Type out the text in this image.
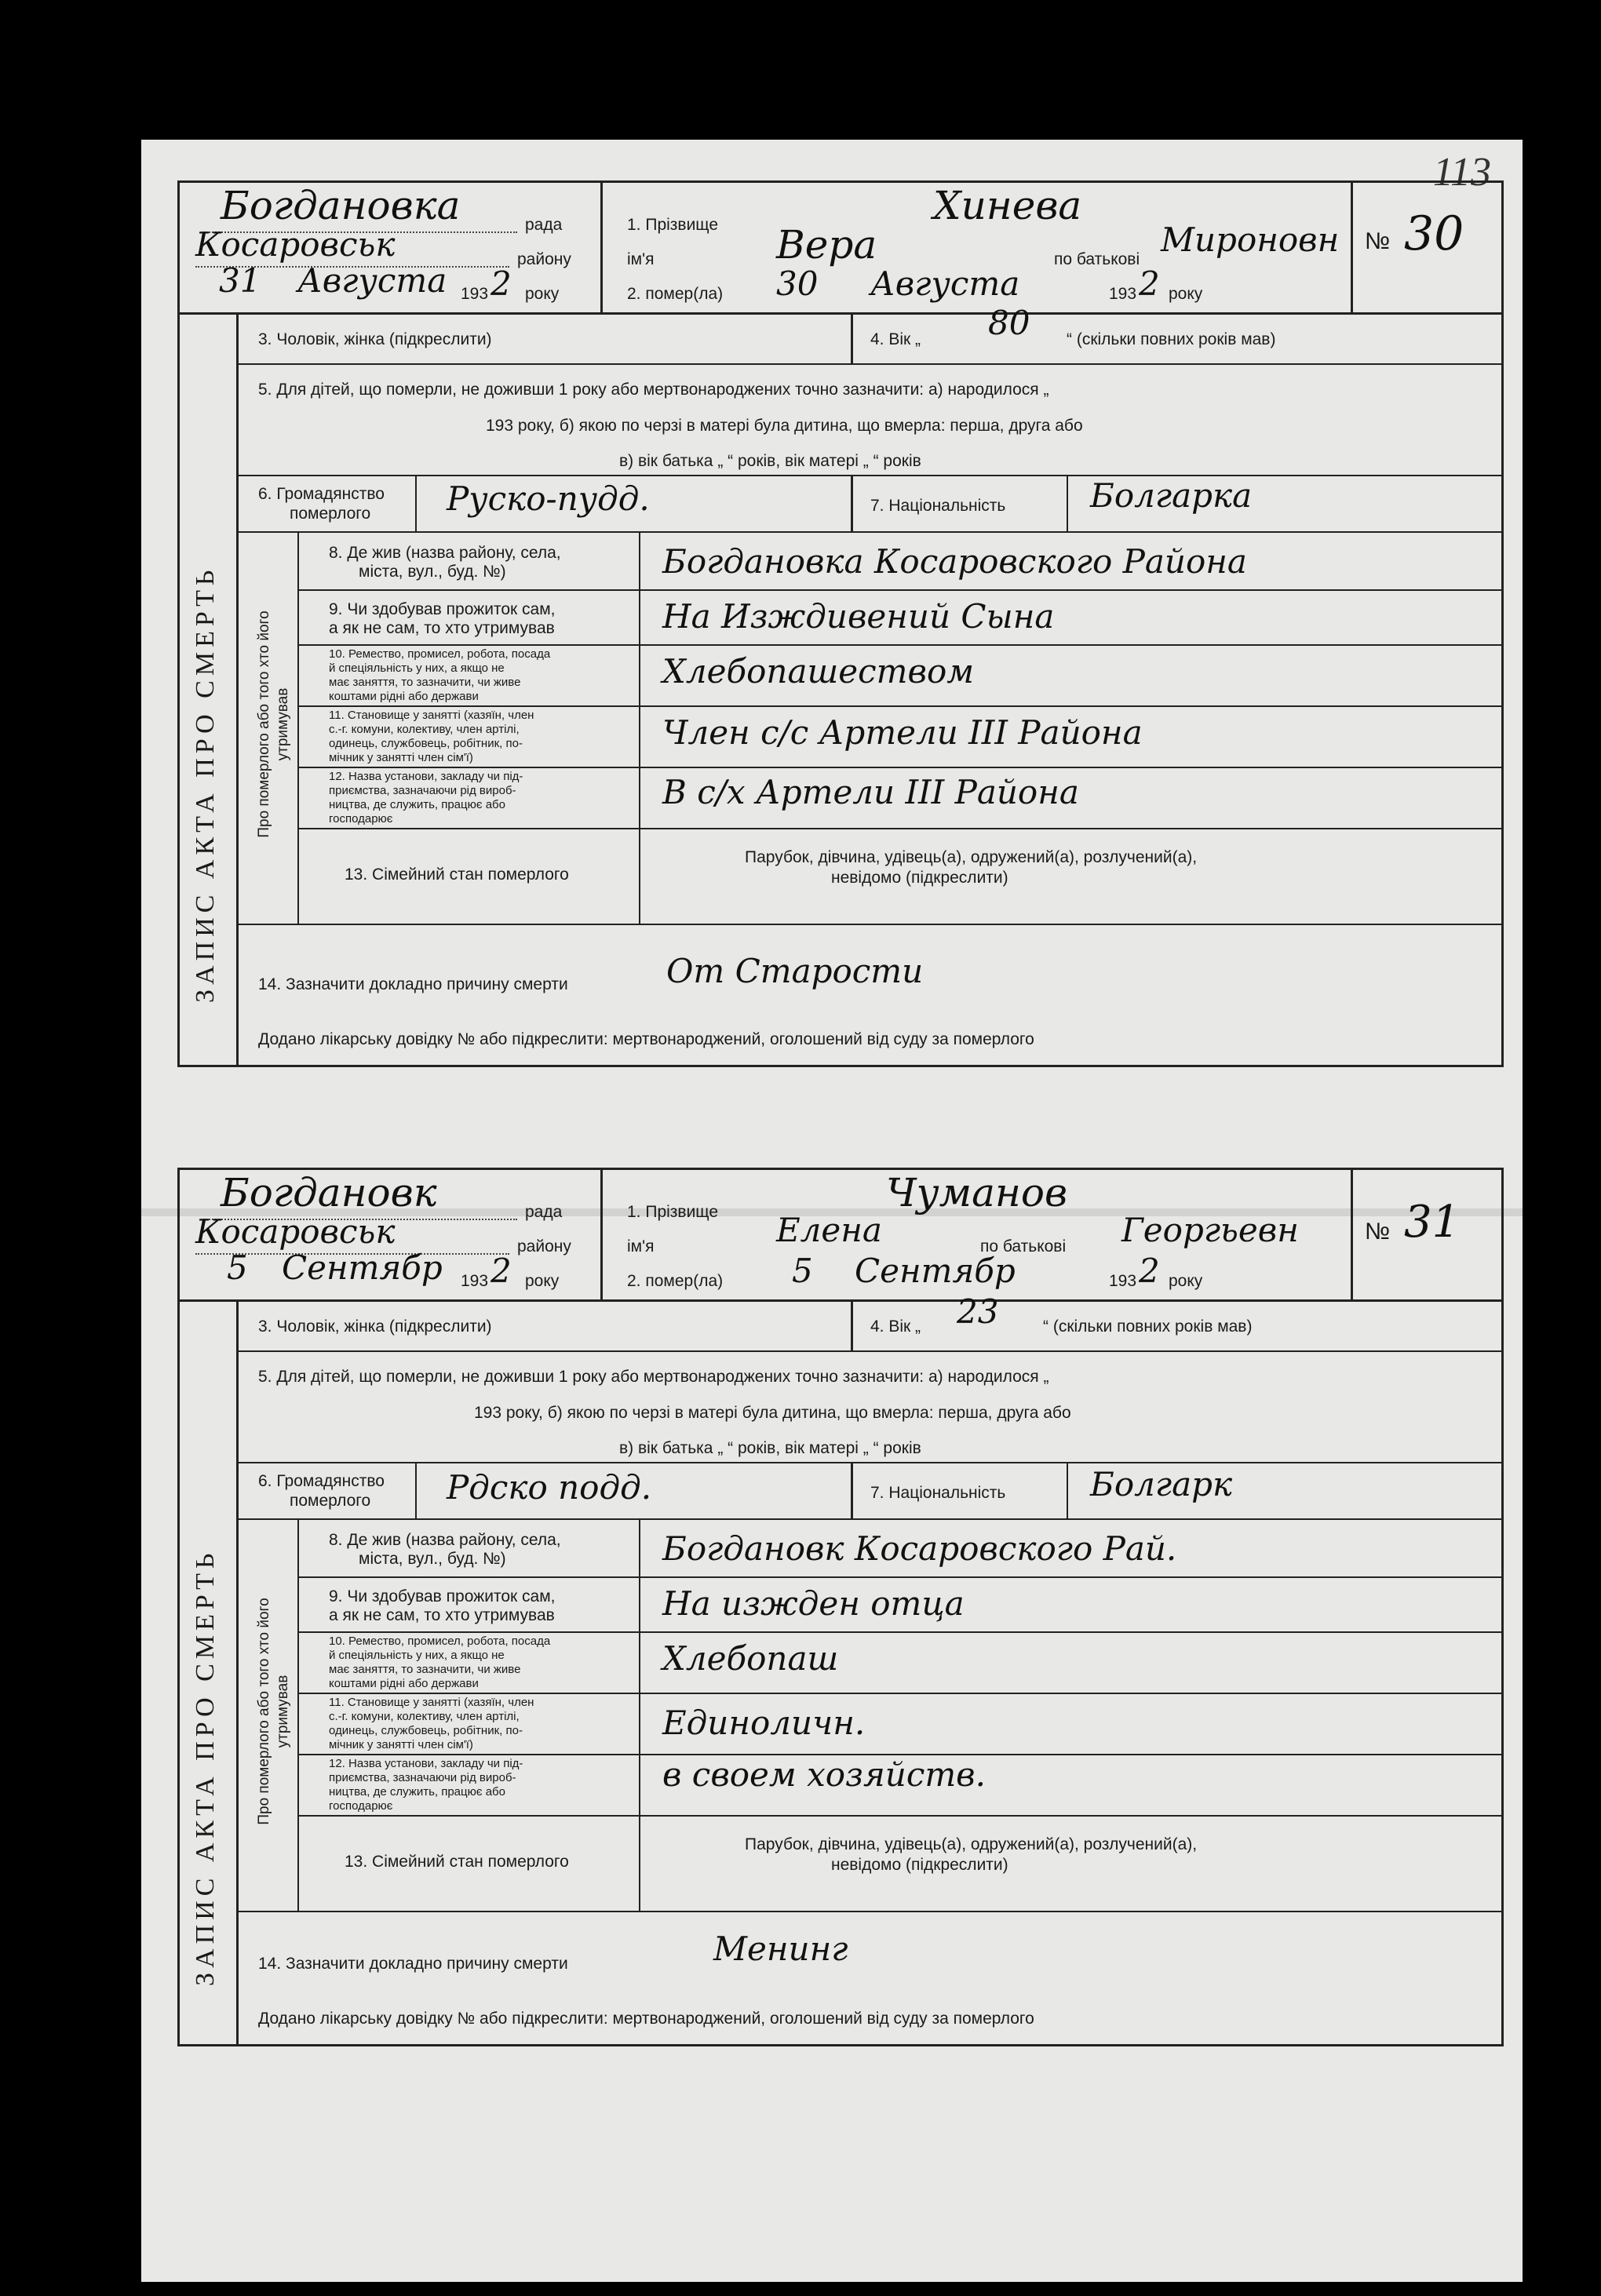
113
Богдановка	рада
Косаровськ	району
31 Августа 193 2 року
1. Прізвище	Хинева
ім'я	Вера	по батькові
Мироновн
2. помер(ла) 30 Августа	193 2 року
№ 30
ЗАПИС АКТА ПРО СМЕРТЬ
3. Чоловік, жінка (підкреслити)	4. Вік „ 80 “ (скільки повних років мав)
5. Для дітей, що померли, не доживши 1 року або мертвонароджених точно зазначити: а) народилося „
193 року, б) якою по черзі в матері була дитина, що вмерла: перша, друга або
в) вік батька „ “ років, вік матері „ “ років
6. Громадянство
померлого Руско-пудд.	7. Національність	Болгарка
Про померлого або того хто його утримував
8. Де жив (назва району, села,
міста, вул., буд. №)	Богдановка Косаровского Района
9. Чи здобував прожиток сам,
а як не сам, то хто утримував	На Изждивений Сына
10. Ремество, промисел, робота, посада
й спеціяльність у них, а якщо не
має заняття, то зазначити, чи живе
коштами рідні або держави
Хлебопашеством
11. Становище у занятті (хазяїн, член
с.-г. комуни, колективу, член артілі,
одинець, службовець, робітник, по-
мічник у занятті член сім'ї)
Член с/с Артели III Района
12. Назва установи, закладу чи під-
приємства, зазначаючи рід вироб-
ництва, де служить, працює або
господарює
В с/х Артели III Района
13. Сімейний стан померлого
Парубок, дівчина, удівець(а), одружений(а), розлучений(а),
невідомо (підкреслити)
14. Зазначити докладно причину смерти	От Старости
Додано лікарську довідку № або підкреслити: мертвонароджений, оголошений від суду за померлого
Богдановк	рада
Косаровськ	району
5 Сентябр 193 2 року
1. Прізвище	Чуманов
ім'я	Елена	по батькові Георгьевн
2. помер(ла) 5 Сентябр	193 2 року
№ 31
ЗАПИС АКТА ПРО СМЕРТЬ
3. Чоловік, жінка (підкреслити)	4. Вік „ 23	“ (скільки повних років мав)
5. Для дітей, що померли, не доживши 1 року або мертвонароджених точно зазначити: а) народилося „
193 року, б) якою по черзі в матері була дитина, що вмерла: перша, друга або
в) вік батька „ “ років, вік матері „ “ років
6. Громадянство
померлого Рдско подд.	7. Національність	Болгарк
Про померлого або того хто його утримував
8. Де жив (назва району, села,
міста, вул., буд. №)	Богдановк Косаровского Рай.
9. Чи здобував прожиток сам,
а як не сам, то хто утримував	На изжден отца
10. Ремество, промисел, робота, посада
й спеціяльність у них, а якщо не
має заняття, то зазначити, чи живе
коштами рідні або держави
Хлебопаш
11. Становище у занятті (хазяїн, член
с.-г. комуни, колективу, член артілі,
одинець, службовець, робітник, по-
мічник у занятті член сім'ї)
Единоличн.
12. Назва установи, закладу чи під-
приємства, зазначаючи рід вироб-
ництва, де служить, працює або
господарює
в своем хозяйств.
13. Сімейний стан померлого
Парубок, дівчина, удівець(а), одружений(а), розлучений(а),
невідомо (підкреслити)
14. Зазначити докладно причину смерти	Менинг
Додано лікарську довідку № або підкреслити: мертвонароджений, оголошений від суду за померлого
